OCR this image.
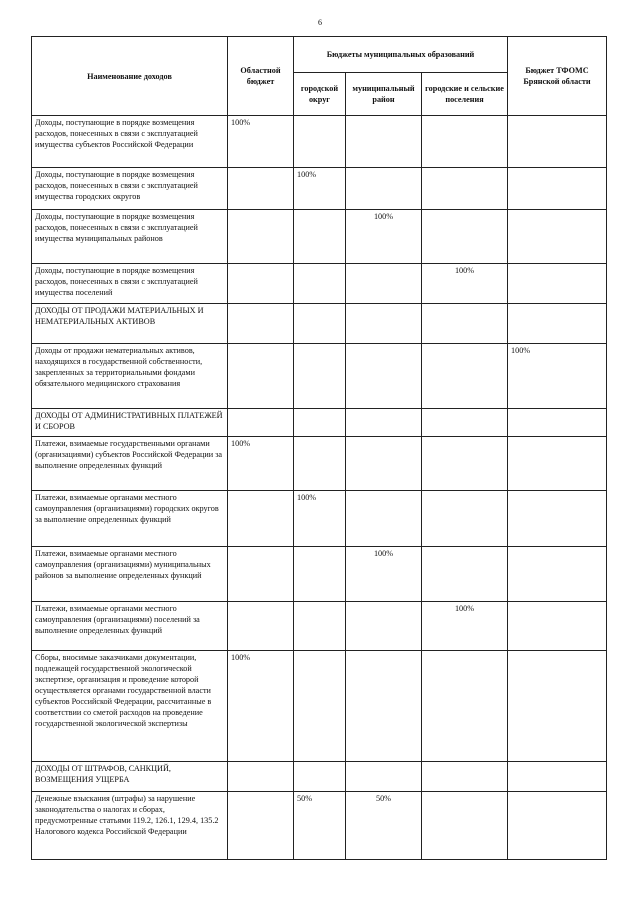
6
Наименование доходов	Областной бюджет	Бюджеты муниципальных образований			Бюджет ТФОМС Брянской области
		городской округ	муниципальный район	городские и сельские поселения	
Доходы, поступающие в порядке возмещения расходов, понесенных в связи с эксплуатацией имущества субъектов Российской Федерации	100%				
Доходы, поступающие в порядке возмещения расходов, понесенных в связи с эксплуатацией имущества городских округов		100%			
Доходы, поступающие в порядке возмещения расходов, понесенных в связи с эксплуатацией имущества муниципальных районов			100%		
Доходы, поступающие в порядке возмещения расходов, понесенных в связи с эксплуатацией имущества поселений				100%	
ДОХОДЫ ОТ ПРОДАЖИ МАТЕРИАЛЬНЫХ И НЕМАТЕРИАЛЬНЫХ АКТИВОВ					
Доходы от продажи нематериальных активов, находящихся в государственной собственности, закрепленных за территориальными фондами обязательного медицинского страхования					100%
ДОХОДЫ ОТ АДМИНИСТРАТИВНЫХ ПЛАТЕЖЕЙ И СБОРОВ					
Платежи, взимаемые государственными органами (организациями) субъектов Российской Федерации за выполнение определенных функций	100%				
Платежи, взимаемые органами местного самоуправления (организациями) городских округов за выполнение определенных функций		100%			
Платежи, взимаемые органами местного самоуправления (организациями) муниципальных районов за выполнение определенных функций			100%		
Платежи, взимаемые органами местного самоуправления (организациями) поселений за выполнение определенных функций				100%	
Сборы, вносимые заказчиками документации, подлежащей государственной экологической экспертизе, организация и проведение которой осуществляется органами государственной власти субъектов Российской Федерации, рассчитанные в соответствии со сметой расходов на проведение государственной экологической экспертизы	100%				
ДОХОДЫ ОТ ШТРАФОВ, САНКЦИЙ, ВОЗМЕЩЕНИЯ УЩЕРБА					
Денежные взыскания (штрафы) за нарушение законодательства о налогах и сборах, предусмотренные статьями 119.2, 126.1, 129.4, 135.2 Налогового кодекса Российской Федерации		50%	50%		
